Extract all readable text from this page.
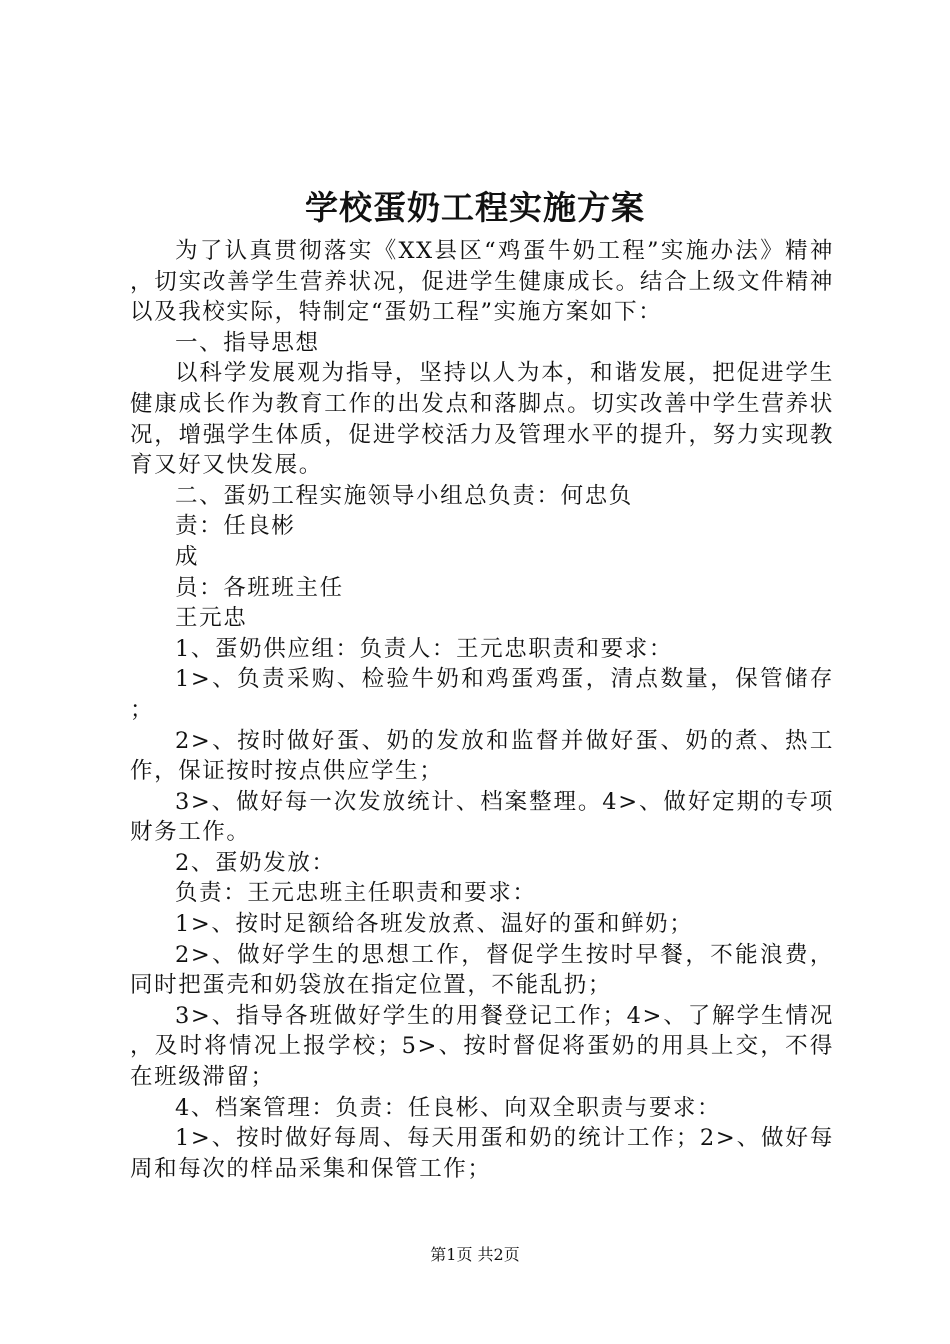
学校蛋奶工程实施方案

为了认真贯彻落实《XX县区“鸡蛋牛奶工程”实施办法》精神，切实改善学生营养状况，促进学生健康成长。结合上级文件精神以及我校实际，特制定“蛋奶工程”实施方案如下：

一、指导思想

以科学发展观为指导，坚持以人为本，和谐发展，把促进学生健康成长作为教育工作的出发点和落脚点。切实改善中学生营养状况，增强学生体质，促进学校活力及管理水平的提升，努力实现教育又好又快发展。

二、蛋奶工程实施领导小组总负责：何忠负

责：任良彬

成

员：各班班主任

王元忠

1、蛋奶供应组：负责人：王元忠职责和要求：

1>、负责采购、检验牛奶和鸡蛋鸡蛋，清点数量，保管储存；

2>、按时做好蛋、奶的发放和监督并做好蛋、奶的煮、热工作，保证按时按点供应学生；

3>、做好每一次发放统计、档案整理。4>、做好定期的专项财务工作。

2、蛋奶发放：

负责：王元忠班主任职责和要求：

1>、按时足额给各班发放煮、温好的蛋和鲜奶；

2>、做好学生的思想工作，督促学生按时早餐，不能浪费，同时把蛋壳和奶袋放在指定位置，不能乱扔；

3>、指导各班做好学生的用餐登记工作；4>、了解学生情况，及时将情况上报学校；5>、按时督促将蛋奶的用具上交，不得在班级滞留；

4、档案管理：负责：任良彬、向双全职责与要求：

1>、按时做好每周、每天用蛋和奶的统计工作；2>、做好每周和每次的样品采集和保管工作；

第1页 共2页
